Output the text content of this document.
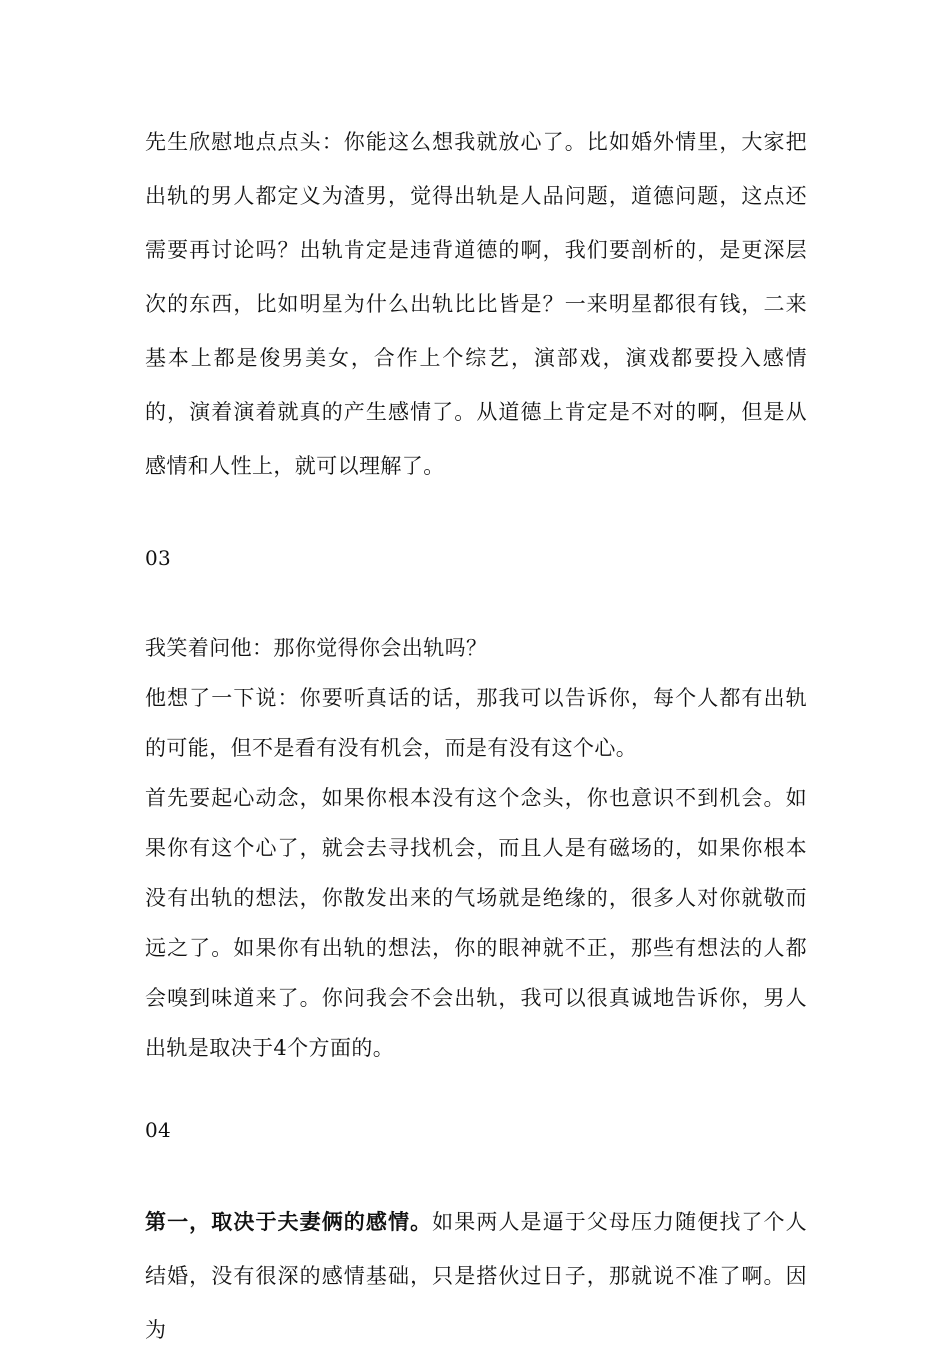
先生欣慰地点点头：你能这么想我就放心了。比如婚外情里，大家把出轨的男人都定义为渣男，觉得出轨是人品问题，道德问题，这点还需要再讨论吗？出轨肯定是违背道德的啊，我们要剖析的，是更深层次的东西，比如明星为什么出轨比比皆是？一来明星都很有钱，二来基本上都是俊男美女，合作上个综艺，演部戏，演戏都要投入感情的，演着演着就真的产生感情了。从道德上肯定是不对的啊，但是从感情和人性上，就可以理解了。

03

我笑着问他：那你觉得你会出轨吗？

他想了一下说：你要听真话的话，那我可以告诉你，每个人都有出轨的可能，但不是看有没有机会，而是有没有这个心。

首先要起心动念，如果你根本没有这个念头，你也意识不到机会。如果你有这个心了，就会去寻找机会，而且人是有磁场的，如果你根本没有出轨的想法，你散发出来的气场就是绝缘的，很多人对你就敬而远之了。如果你有出轨的想法，你的眼神就不正，那些有想法的人都会嗅到味道来了。你问我会不会出轨，我可以很真诚地告诉你，男人出轨是取决于4个方面的。

04

第一，取决于夫妻俩的感情。如果两人是逼于父母压力随便找了个人结婚，没有很深的感情基础，只是搭伙过日子，那就说不准了啊。因为
